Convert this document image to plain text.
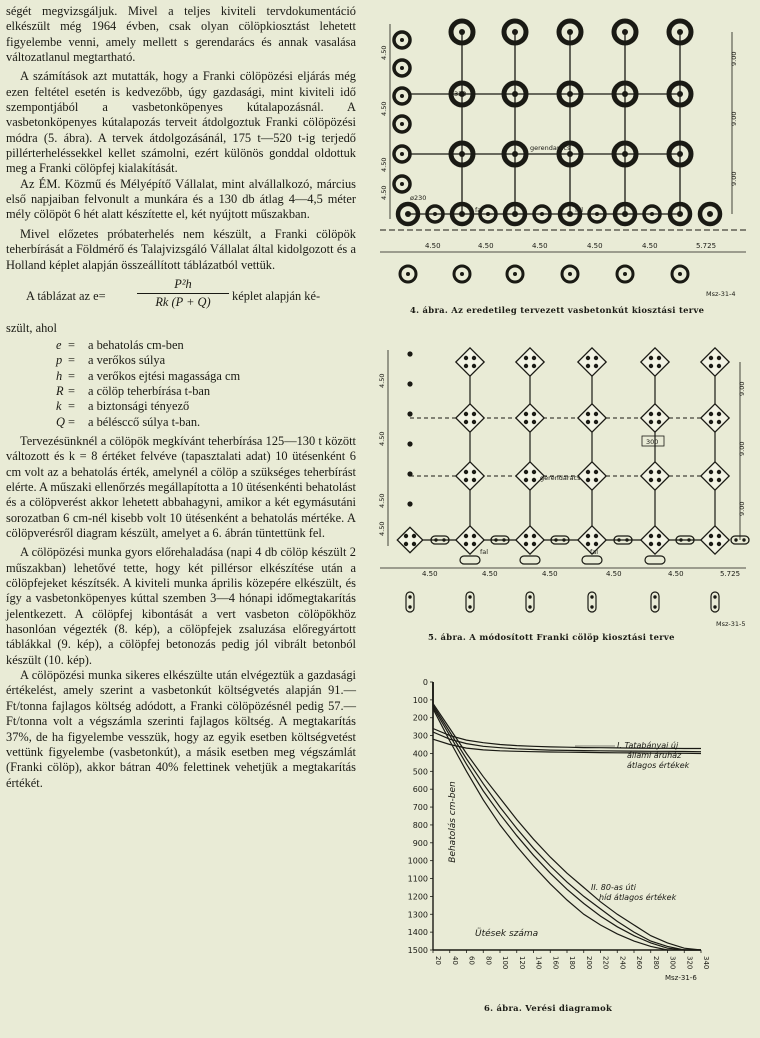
ségét megvizsgáljuk. Mivel a teljes kiviteli tervdokumentáció elkészült még 1964 évben, csak olyan cölöpkiosztást lehetett figyelembe venni, amely mellett s gerendarács és annak vasalása változatlanul megtartható.

A számítások azt mutatták, hogy a Franki cölöpözési eljárás még ezen feltétel esetén is kedvezőbb, úgy gazdasági, mint kiviteli idő szempontjából a vasbetonköpenyes kútalapozásnál. A vasbetonköpenyes kútalapozás terveit átdolgoztuk Franki cölöpözési módra (5. ábra). A tervek átdolgozásánál, 175 t—520 t-ig terjedő pillérterheléssekkel kellet számolni, ezért különös gonddal oldottuk meg a Franki cölöpfej kialakítását.

Az ÉM. Közmű és Mélyépítő Vállalat, mint alvállalkozó, március első napjaiban felvonult a munkára és a 130 db átlag 4—4,5 méter mély cölöpöt 6 hét alatt készítette el, két nyújtott műszakban.

Mivel előzetes próbaterhelés nem készült, a Franki cölöpök teherbírását a Földmérő és Talajvizsgáló Vállalat által kidolgozott és a Holland képlet alapján összeállított táblázatból vettük.

A táblázat az e=	$\frac{\text{P²h}}{Rk (P + Q)}$ képlet alapján ké-

szült, ahol

e =	a behatolás cm-ben
p =	a verőkos súlya
h =	a verőkos ejtési magassága cm
R =	a cölöp teherbírása t-ban
k =	a biztonsági tényező
Q =	a bélésccő súlya t-ban.

Tervezésünknél a cölöpök megkívánt teherbírása 125—130 t között változott és k = 8 értéket felvéve (tapasztalati adat) 10 ütésenként 6 cm volt az a behatolás érték, amelynél a cölöp a szükséges teherbírást elérte. A műszaki ellenőrzés megállapította a 10 ütésenkénti behatolást és a cölöpverést akkor lehetett abbahagyni, amikor a két egymásutáni sorozatban 6 cm-nél kisebb volt 10 ütésenként a behatolás mértéke. A cölöpverésről diagram készült, amelyet a 6. ábrán tüntettünk fel.

A cölöpözési munka gyors előrehaladása (napi 4 db cölöp készült 2 műszakban) lehetővé tette, hogy két pillérsor elkészítése után a cölöpfejeket készítsék. A kiviteli munka április közepére elkészült, és így a vasbetonköpenyes kúttal szemben 3—4 hónapi időmegtakarítás jelentkezett. A cölöpfej kibontását a vert vasbeton cölöpökhöz hasonlóan végezték (8. kép), a cölöpfejek zsaluzása előregyártott táblákkal (9. kép), a cölöpfej betonozás pedig jól vibrált betonból készült (10. kép).

A cölöpözési munka sikeres elkészülte után elvégeztük a gazdasági értékelést, amely szerint a vasbetonkút költségvetés alapján 91.— Ft/tonna fajlagos költség adódott, a Franki cölöpözésnél pedig 57.— Ft/tonna volt a végszámla szerinti fajlagos költség. A megtakarítás 37%, de ha figyelembe vesszük, hogy az egyik esetben költségvetést vettünk figyelembe (vasbetonkút), a másik esetben meg végszámlát (Franki cölöp), akkor bátran 40% felettinek vehetjük a megtakarítás értékét.

4.50	4.50	4.50	4.50	4.50	5.725
4.50
4.50
4.50
4.50
9.00
9.00
9.00
ø330
ø230
gerendarács
fal	fal
Msz-31-4
4. ábra. Az eredetileg tervezett vasbetonkút kiosztási terve
4.50	4.50	4.50	4.50	4.50	5.725
4.50
4.50
4.50
4.50
9.00
9.00
9.00
300
gerendarács
fal	fal
Msz-31-5
5. ábra. A módosított Franki cölöp kiosztási terve
0
100
200
300
400
500
600
700
800
900
1000
1100
1200
1300
1400
1500
20 40 60 80 100 120 140 160 180 200 220 240 260 280 300 320 340
Behatolás cm-ben
Ütések száma
I. Tatabányai új állami áruház átlagos értékek
II. 80-as úti híd átlagos értékek
Msz-31-6
6. ábra. Verési diagramok
